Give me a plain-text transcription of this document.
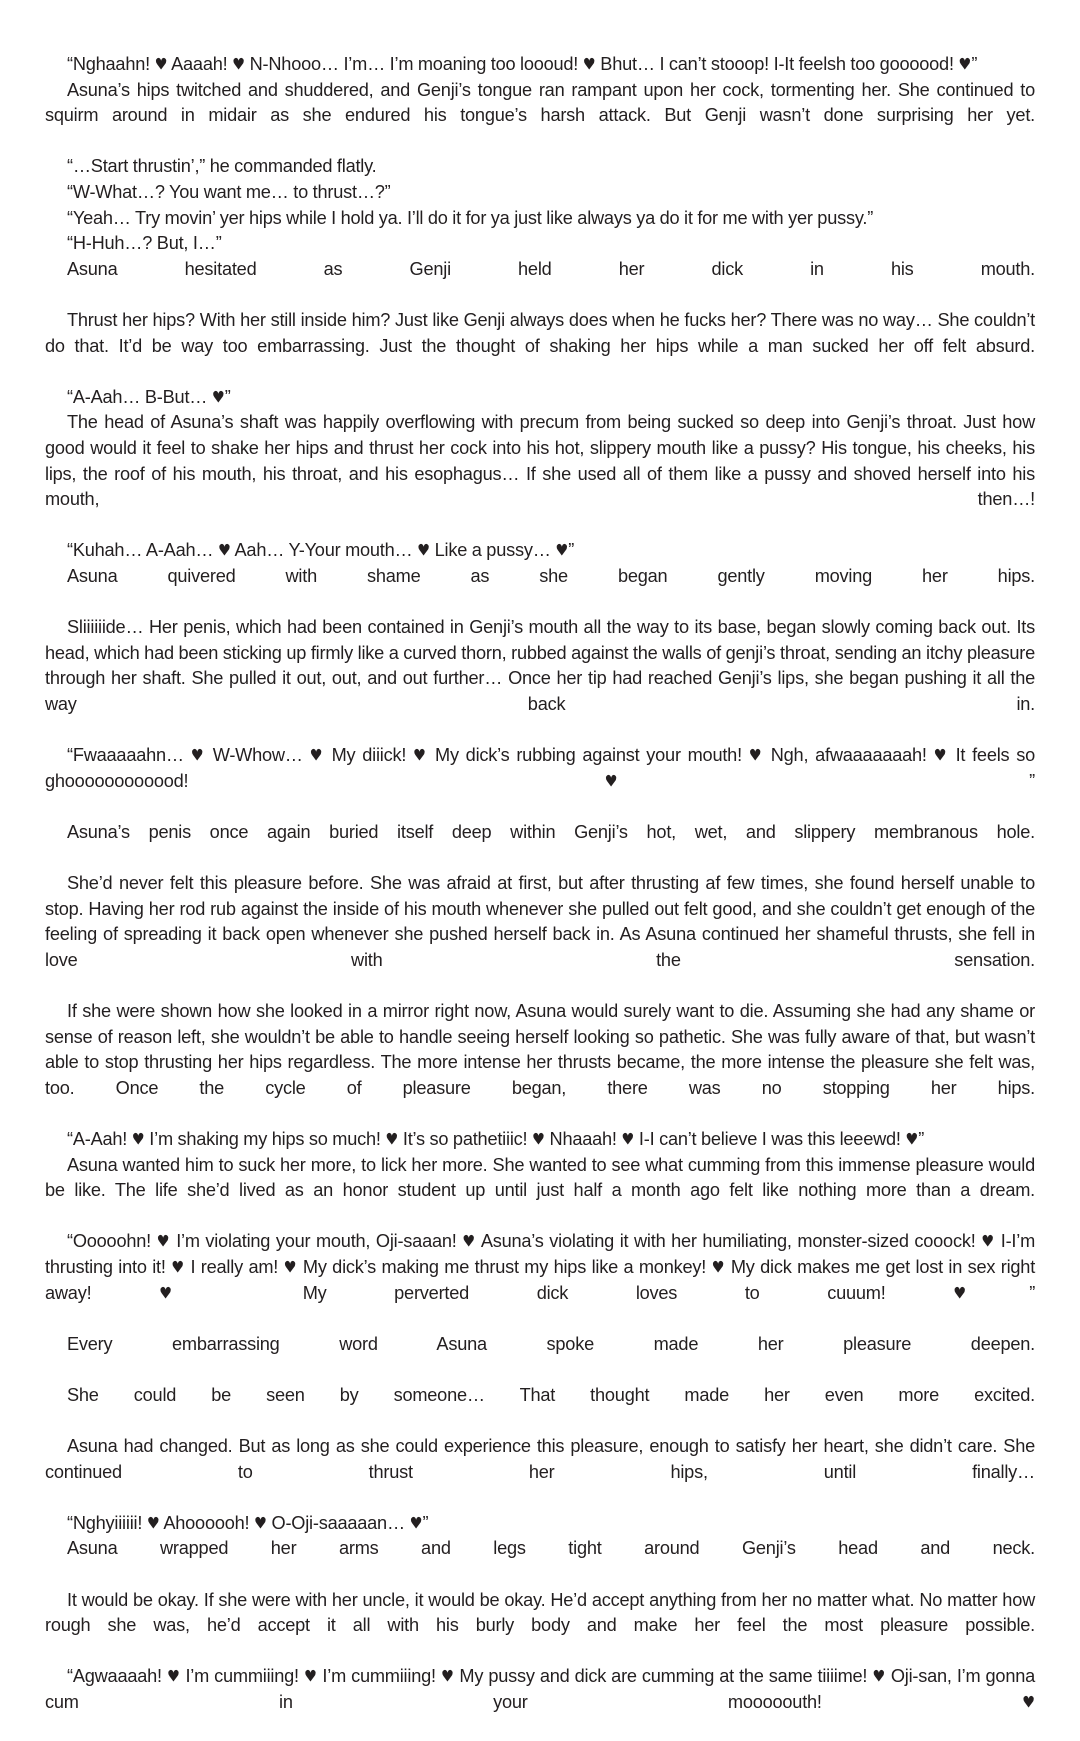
“Nghaahn! ♥ Aaaah! ♥ N-Nhooo… I’m… I’m moaning too loooud! ♥ Bhut… I can’t stooop! I-It feelsh too goooood! ♥”

Asuna’s hips twitched and shuddered, and Genji’s tongue ran rampant upon her cock, tormenting her. She continued to squirm around in midair as she endured his tongue’s harsh attack. But Genji wasn’t done surprising her yet.

“…Start thrustin’,” he commanded flatly.

“W-What…? You want me… to thrust…?”

“Yeah… Try movin’ yer hips while I hold ya. I’ll do it for ya just like always ya do it for me with yer pussy.”

“H-Huh…? But, I…”

Asuna hesitated as Genji held her dick in his mouth.

Thrust her hips? With her still inside him? Just like Genji always does when he fucks her? There was no way… She couldn’t do that. It’d be way too embarrassing. Just the thought of shaking her hips while a man sucked her off felt absurd.

“A-Aah… B-But… ♥”

The head of Asuna’s shaft was happily overflowing with precum from being sucked so deep into Genji’s throat. Just how good would it feel to shake her hips and thrust her cock into his hot, slippery mouth like a pussy? His tongue, his cheeks, his lips, the roof of his mouth, his throat, and his esophagus… If she used all of them like a pussy and shoved herself into his mouth, then…!

“Kuhah… A-Aah… ♥ Aah… Y-Your mouth… ♥ Like a pussy… ♥”

Asuna quivered with shame as she began gently moving her hips.

Sliiiiiide… Her penis, which had been contained in Genji’s mouth all the way to its base, began slowly coming back out. Its head, which had been sticking up firmly like a curved thorn, rubbed against the walls of genji’s throat, sending an itchy pleasure through her shaft. She pulled it out, out, and out further… Once her tip had reached Genji’s lips, she began pushing it all the way back in.

“Fwaaaaahn… ♥ W-Whow… ♥ My diiick! ♥ My dick’s rubbing against your mouth! ♥ Ngh, afwaaaaaaah! ♥ It feels so ghoooooooooood! ♥”

Asuna’s penis once again buried itself deep within Genji’s hot, wet, and slippery membranous hole.

She’d never felt this pleasure before. She was afraid at first, but after thrusting af few times, she found herself unable to stop. Having her rod rub against the inside of his mouth whenever she pulled out felt good, and she couldn’t get enough of the feeling of spreading it back open whenever she pushed herself back in. As Asuna continued her shameful thrusts, she fell in love with the sensation.

If she were shown how she looked in a mirror right now, Asuna would surely want to die. Assuming she had any shame or sense of reason left, she wouldn’t be able to handle seeing herself looking so pathetic. She was fully aware of that, but wasn’t able to stop thrusting her hips regardless. The more intense her thrusts became, the more intense the pleasure she felt was, too. Once the cycle of pleasure began, there was no stopping her hips.

“A-Aah! ♥ I’m shaking my hips so much! ♥ It’s so pathetiiic! ♥ Nhaaah! ♥ I-I can’t believe I was this leeewd! ♥”

Asuna wanted him to suck her more, to lick her more. She wanted to see what cumming from this immense pleasure would be like. The life she’d lived as an honor student up until just half a month ago felt like nothing more than a dream.

“Ooooohn! ♥ I’m violating your mouth, Oji-saaan! ♥ Asuna’s violating it with her humiliating, monster-sized cooock! ♥ I-I’m thrusting into it! ♥ I really am! ♥ My dick’s making me thrust my hips like a monkey! ♥ My dick makes me get lost in sex right away! ♥ My perverted dick loves to cuuum! ♥”

Every embarrassing word Asuna spoke made her pleasure deepen.

She could be seen by someone… That thought made her even more excited.

Asuna had changed. But as long as she could experience this pleasure, enough to satisfy her heart, she didn’t care. She continued to thrust her hips, until finally…

“Nghyiiiiii! ♥ Ahoooooh! ♥ O-Oji-saaaaan… ♥”

Asuna wrapped her arms and legs tight around Genji’s head and neck.

It would be okay. If she were with her uncle, it would be okay. He’d accept anything from her no matter what. No matter how rough she was, he’d accept it all with his burly body and make her feel the most pleasure possible.

“Agwaaaah! ♥ I’m cummiiing! ♥ I’m cummiiing! ♥ My pussy and dick are cumming at the same tiiiime! ♥ Oji-san, I’m gonna cum in your mooooouth! ♥
